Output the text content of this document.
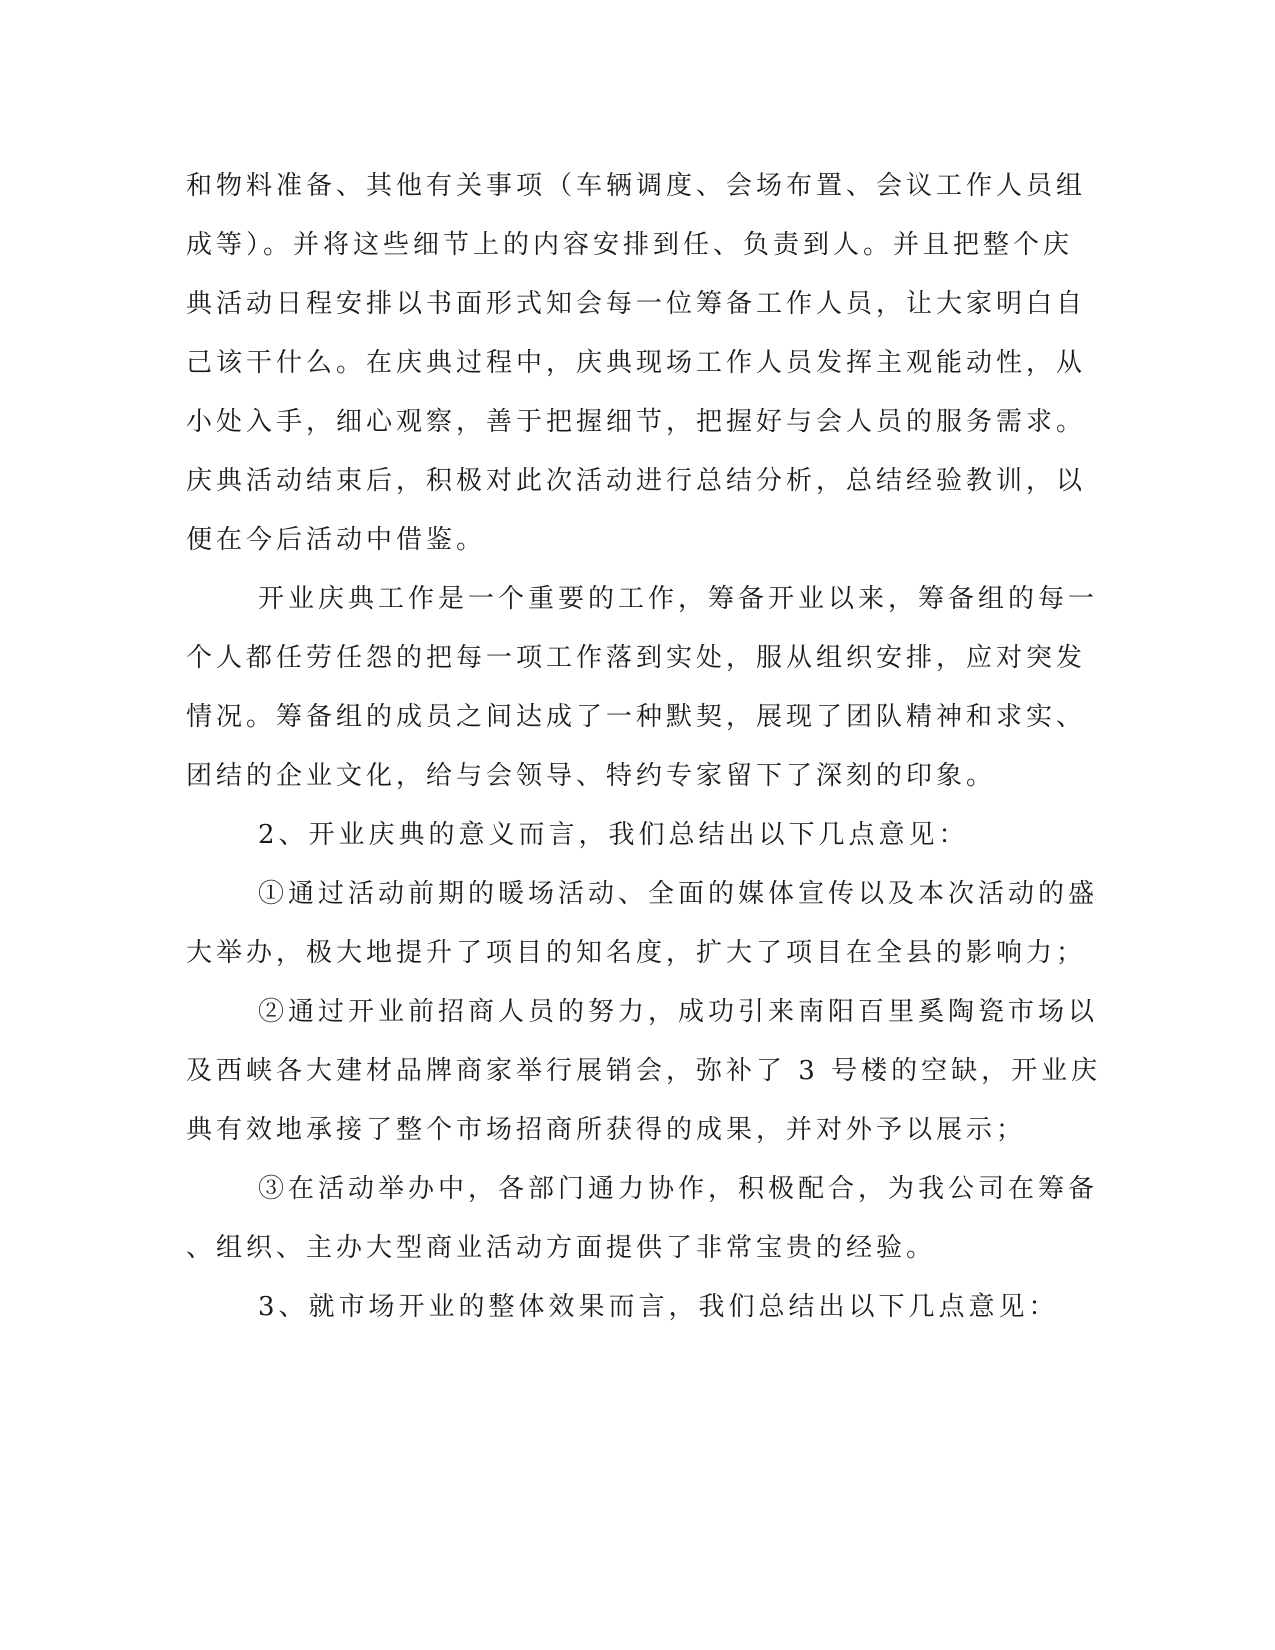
和物料准备、其他有关事项（车辆调度、会场布置、会议工作人员组
成等）。并将这些细节上的内容安排到任、负责到人。并且把整个庆
典活动日程安排以书面形式知会每一位筹备工作人员，让大家明白自
己该干什么。在庆典过程中，庆典现场工作人员发挥主观能动性，从
小处入手，细心观察，善于把握细节，把握好与会人员的服务需求。
庆典活动结束后，积极对此次活动进行总结分析，总结经验教训，以
便在今后活动中借鉴。
开业庆典工作是一个重要的工作，筹备开业以来，筹备组的每一
个人都任劳任怨的把每一项工作落到实处，服从组织安排，应对突发
情况。筹备组的成员之间达成了一种默契，展现了团队精神和求实、
团结的企业文化，给与会领导、特约专家留下了深刻的印象。
2、开业庆典的意义而言，我们总结出以下几点意见：
①通过活动前期的暖场活动、全面的媒体宣传以及本次活动的盛
大举办，极大地提升了项目的知名度，扩大了项目在全县的影响力；
②通过开业前招商人员的努力，成功引来南阳百里奚陶瓷市场以
及西峡各大建材品牌商家举行展销会，弥补了 3 号楼的空缺，开业庆
典有效地承接了整个市场招商所获得的成果，并对外予以展示；
③在活动举办中，各部门通力协作，积极配合，为我公司在筹备
、组织、主办大型商业活动方面提供了非常宝贵的经验。
3、就市场开业的整体效果而言，我们总结出以下几点意见：
